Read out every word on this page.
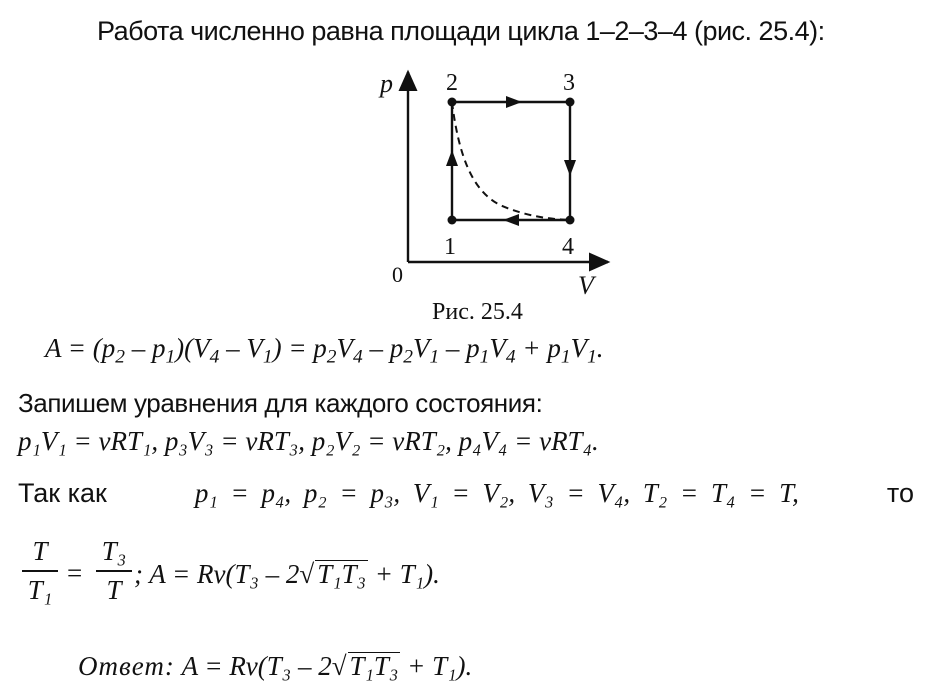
Работа численно равна площади цикла 1–2–3–4 (рис. 25.4):
p
V
0
1
2	3
4
Рис. 25.4
$A = (p_2 - p_1)(V_4 - V_1) = p_2V_4 - p_2V_1 - p_1V_4 + p_1V_1$.
Запишем уравнения для каждого состояния:
p₁V₁ = νRT₁, p₃V₃ = νRT₃, p₂V₂ = νRT₂, p₄V₄ = νRT₄.
Так как	p₁ = p₄, p₂ = p₃, V₁ = V₂, V₃ = V₄, T₂ = T₄ = T,	то
T
T₁
=
T₃
T
; A = Rν(T₃ – 2√ T₁T₃ + T₁).
Ответ: A = Rν(T₃ – 2√ T₁T₃ + T₁).
